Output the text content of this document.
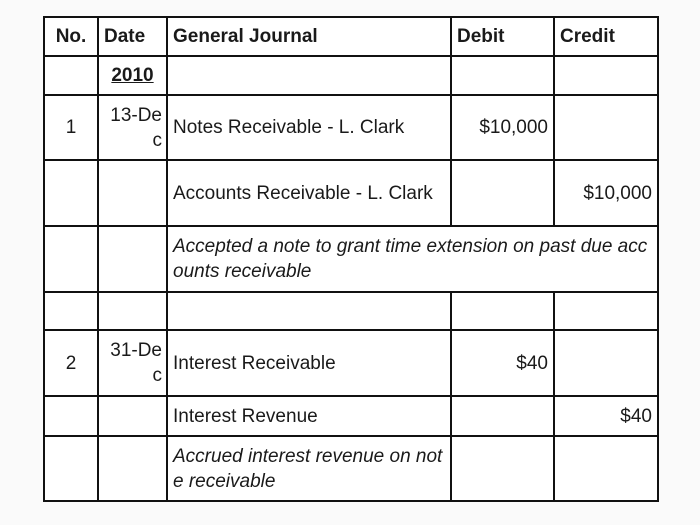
No.	Date	General Journal	Debit	Credit
	2010			
1	13-Dec	Notes Receivable - L. Clark	$10,000	
		Accounts Receivable - L. Clark		$10,000
		Accepted a note to grant time extension on past due accounts receivable		

2	31-Dec	Interest Receivable	$40	
		Interest Revenue		$40
		Accrued interest revenue on note receivable		
